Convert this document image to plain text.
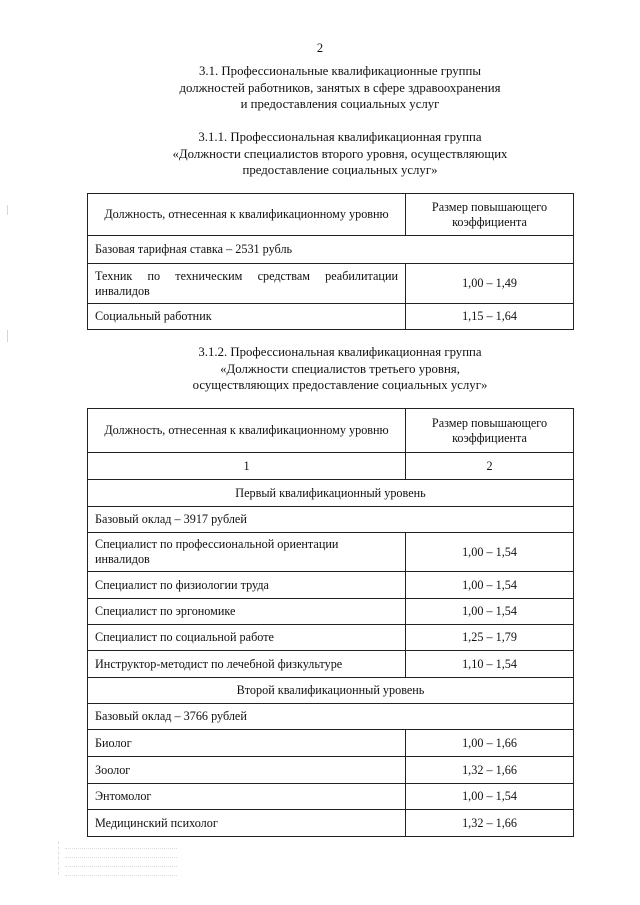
2
3.1. Профессиональные квалификационные группы
должностей работников, занятых в сфере здравоохранения
и предоставления социальных услуг
3.1.1. Профессиональная квалификационная группа
«Должности специалистов второго уровня, осуществляющих
предоставление социальных услуг»
Должность, отнесенная к квалификационному уровню	Размер повышающего
коэффициента

Базовая тарифная ставка – 2531 рубль	

Техник по техническим средствам реабилитации
инвалидов	1,00 – 1,49
Социальный работник	1,15 – 1,64
3.1.2. Профессиональная квалификационная группа
«Должности специалистов третьего уровня,
осуществляющих предоставление социальных услуг»
Должность, отнесенная к квалификационному уровню	Размер повышающего
коэффициента

1	2
Первый квалификационный уровень	
Базовый оклад – 3917 рублей	

Специалист по профессиональной ориентации
инвалидов	1,00 – 1,54
Специалист по физиологии труда	1,00 – 1,54
Специалист по эргономике	1,00 – 1,54
Специалист по социальной работе	1,25 – 1,79
Инструктор-методист по лечебной физкультуре	1,10 – 1,54
Второй квалификационный уровень	
Базовый оклад – 3766 рублей	
Биолог	1,00 – 1,66
Зоолог	1,32 – 1,66
Энтомолог	1,00 – 1,54
Медицинский психолог	1,32 – 1,66
